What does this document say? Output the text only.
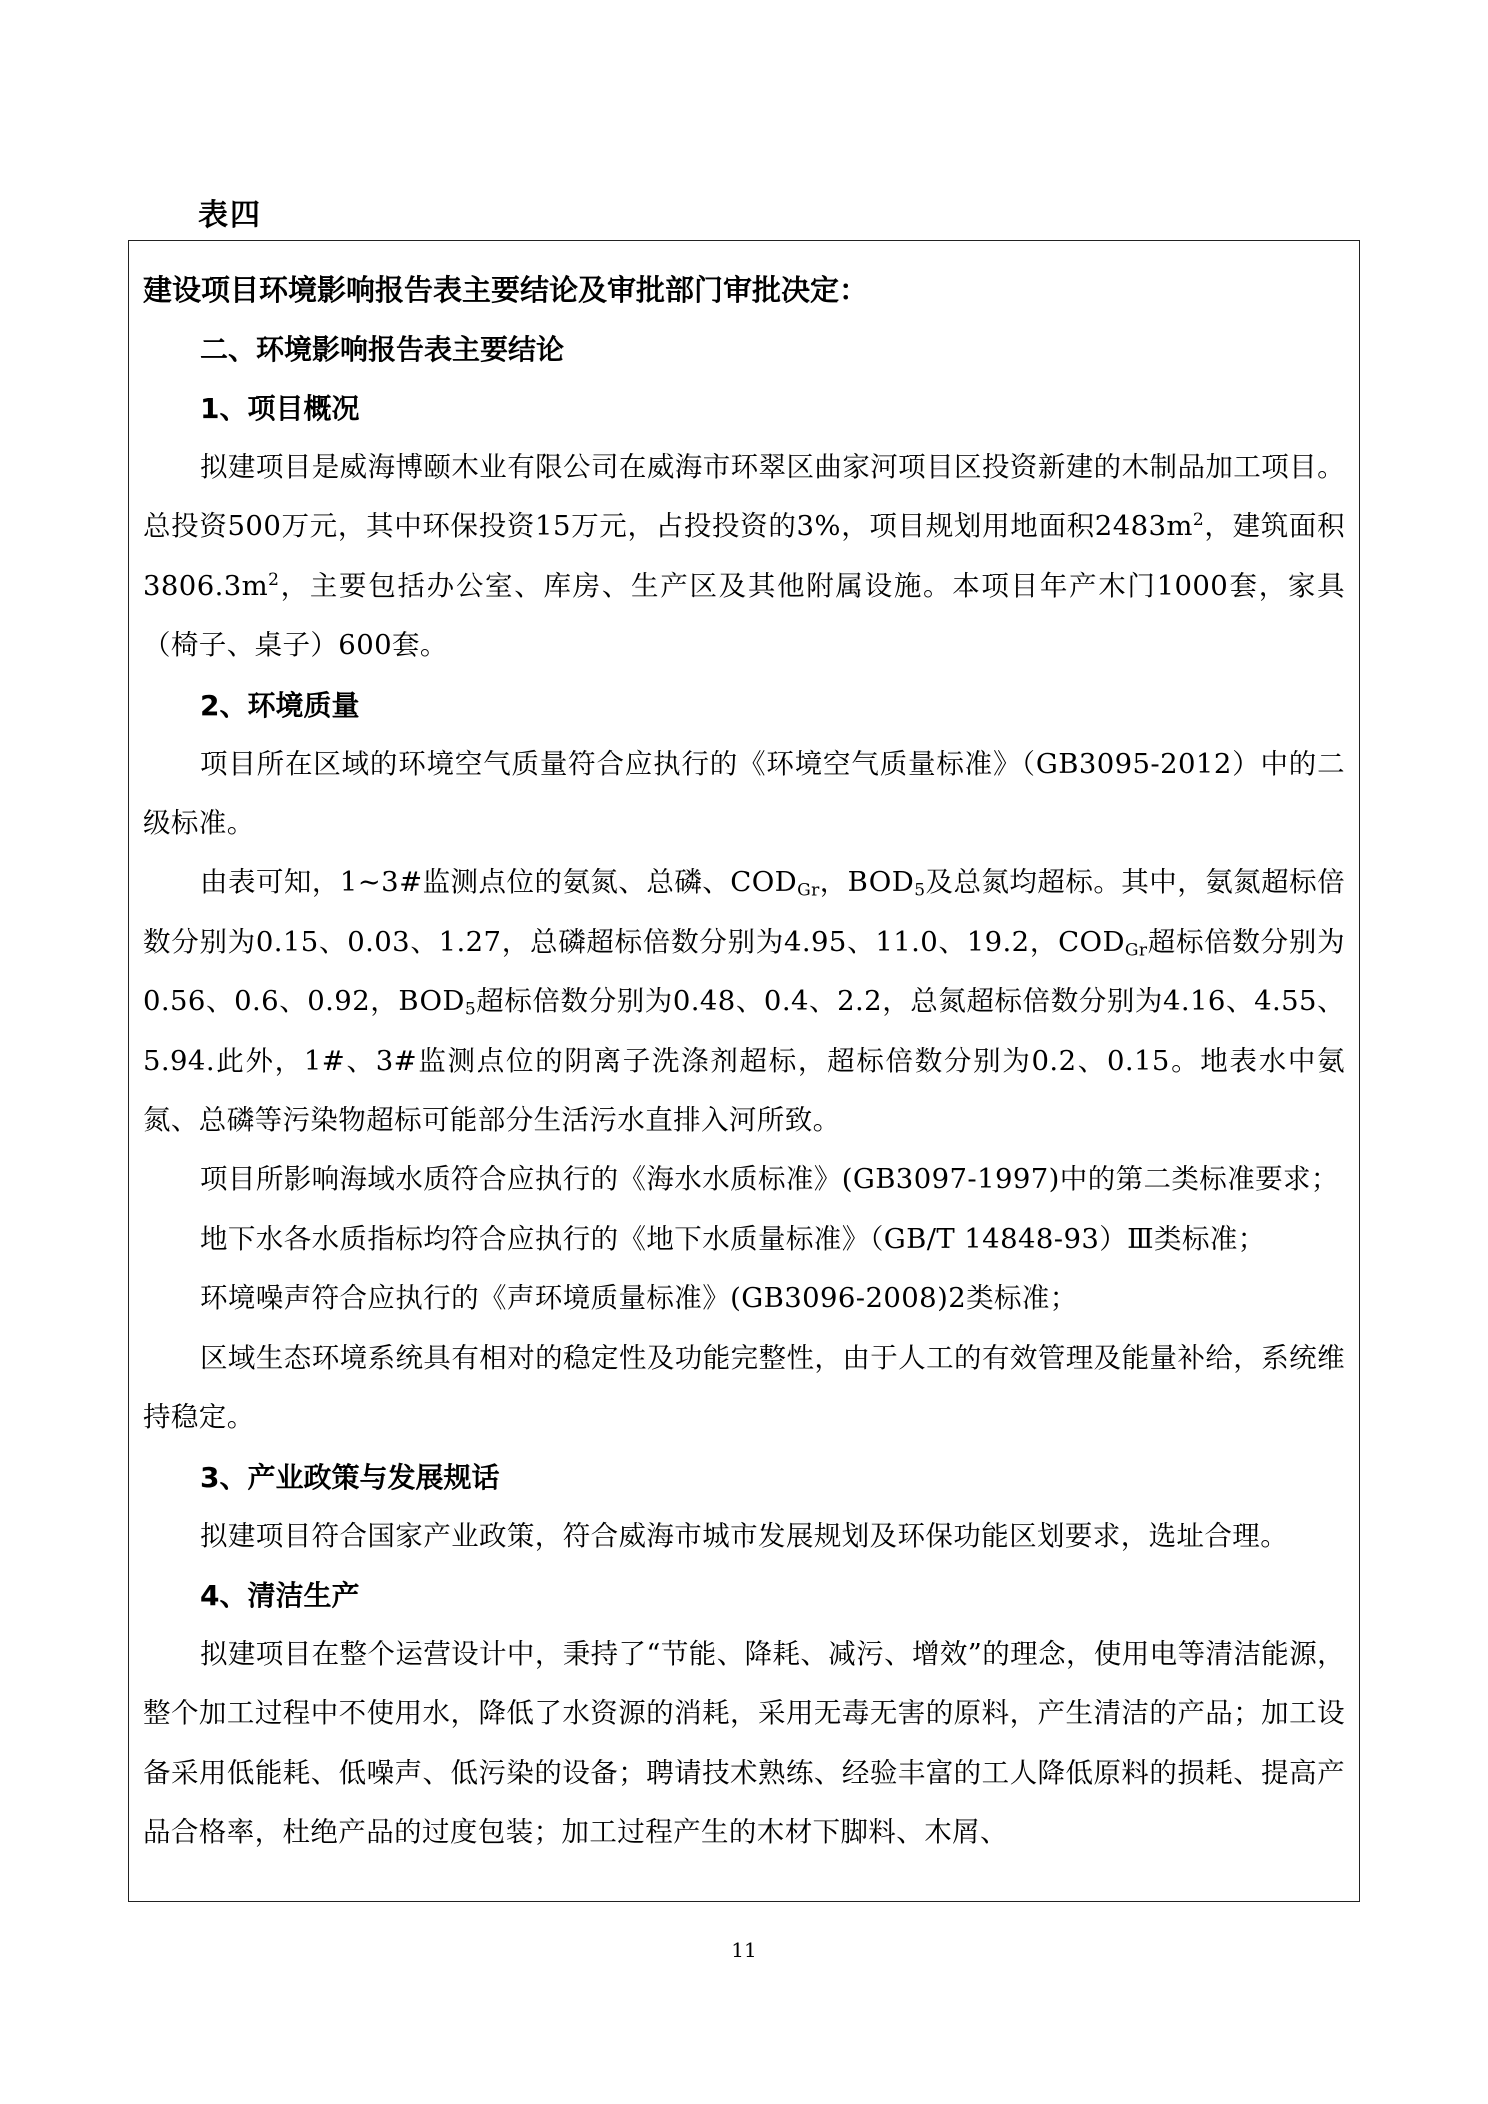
表四
建设项目环境影响报告表主要结论及审批部门审批决定：
二、环境影响报告表主要结论
1、项目概况

拟建项目是威海博颐木业有限公司在威海市环翠区曲家河项目区投资新建的木制品加工项目。总投资500万元，其中环保投资15万元，占投投资的3%，项目规划用地面积$2483m^2$，建筑面积$3806.3m^2$，主要包括办公室、库房、生产区及其他附属设施。本项目年产木门1000套，家具（椅子、桌子）600套。

2、环境质量

项目所在区域的环境空气质量符合应执行的《环境空气质量标准》（GB3095-2012）中的二级标准。

由表可知，1~3#监测点位的氨氮、总磷、$COD_{Gr}$，$BOD_5$及总氮均超标。其中，氨氮超标倍数分别为0.15、0.03、1.27，总磷超标倍数分别为4.95、11.0、19.2，$COD_{Gr}$超标倍数分别为0.56、0.6、0.92，$BOD_5$超标倍数分别为0.48、0.4、2.2，总氮超标倍数分别为4.16、4.55、5.94.此外，1#、3#监测点位的阴离子洗涤剂超标，超标倍数分别为0.2、0.15。地表水中氨氮、总磷等污染物超标可能部分生活污水直排入河所致。

项目所影响海域水质符合应执行的《海水水质标准》(GB3097-1997)中的第二类标准要求；

地下水各水质指标均符合应执行的《地下水质量标准》（GB/T 14848-93）Ⅲ类标准；

环境噪声符合应执行的《声环境质量标准》(GB3096-2008)2类标准；

区域生态环境系统具有相对的稳定性及功能完整性，由于人工的有效管理及能量补给，系统维持稳定。

3、产业政策与发展规话

拟建项目符合国家产业政策，符合威海市城市发展规划及环保功能区划要求，选址合理。

4、清洁生产

拟建项目在整个运营设计中，秉持了“节能、降耗、减污、增效”的理念，使用电等清洁能源，整个加工过程中不使用水，降低了水资源的消耗，采用无毒无害的原料，产生清洁的产品；加工设备采用低能耗、低噪声、低污染的设备；聘请技术熟练、经验丰富的工人降低原料的损耗、提高产品合格率，杜绝产品的过度包装；加工过程产生的木材下脚料、木屑、

11
